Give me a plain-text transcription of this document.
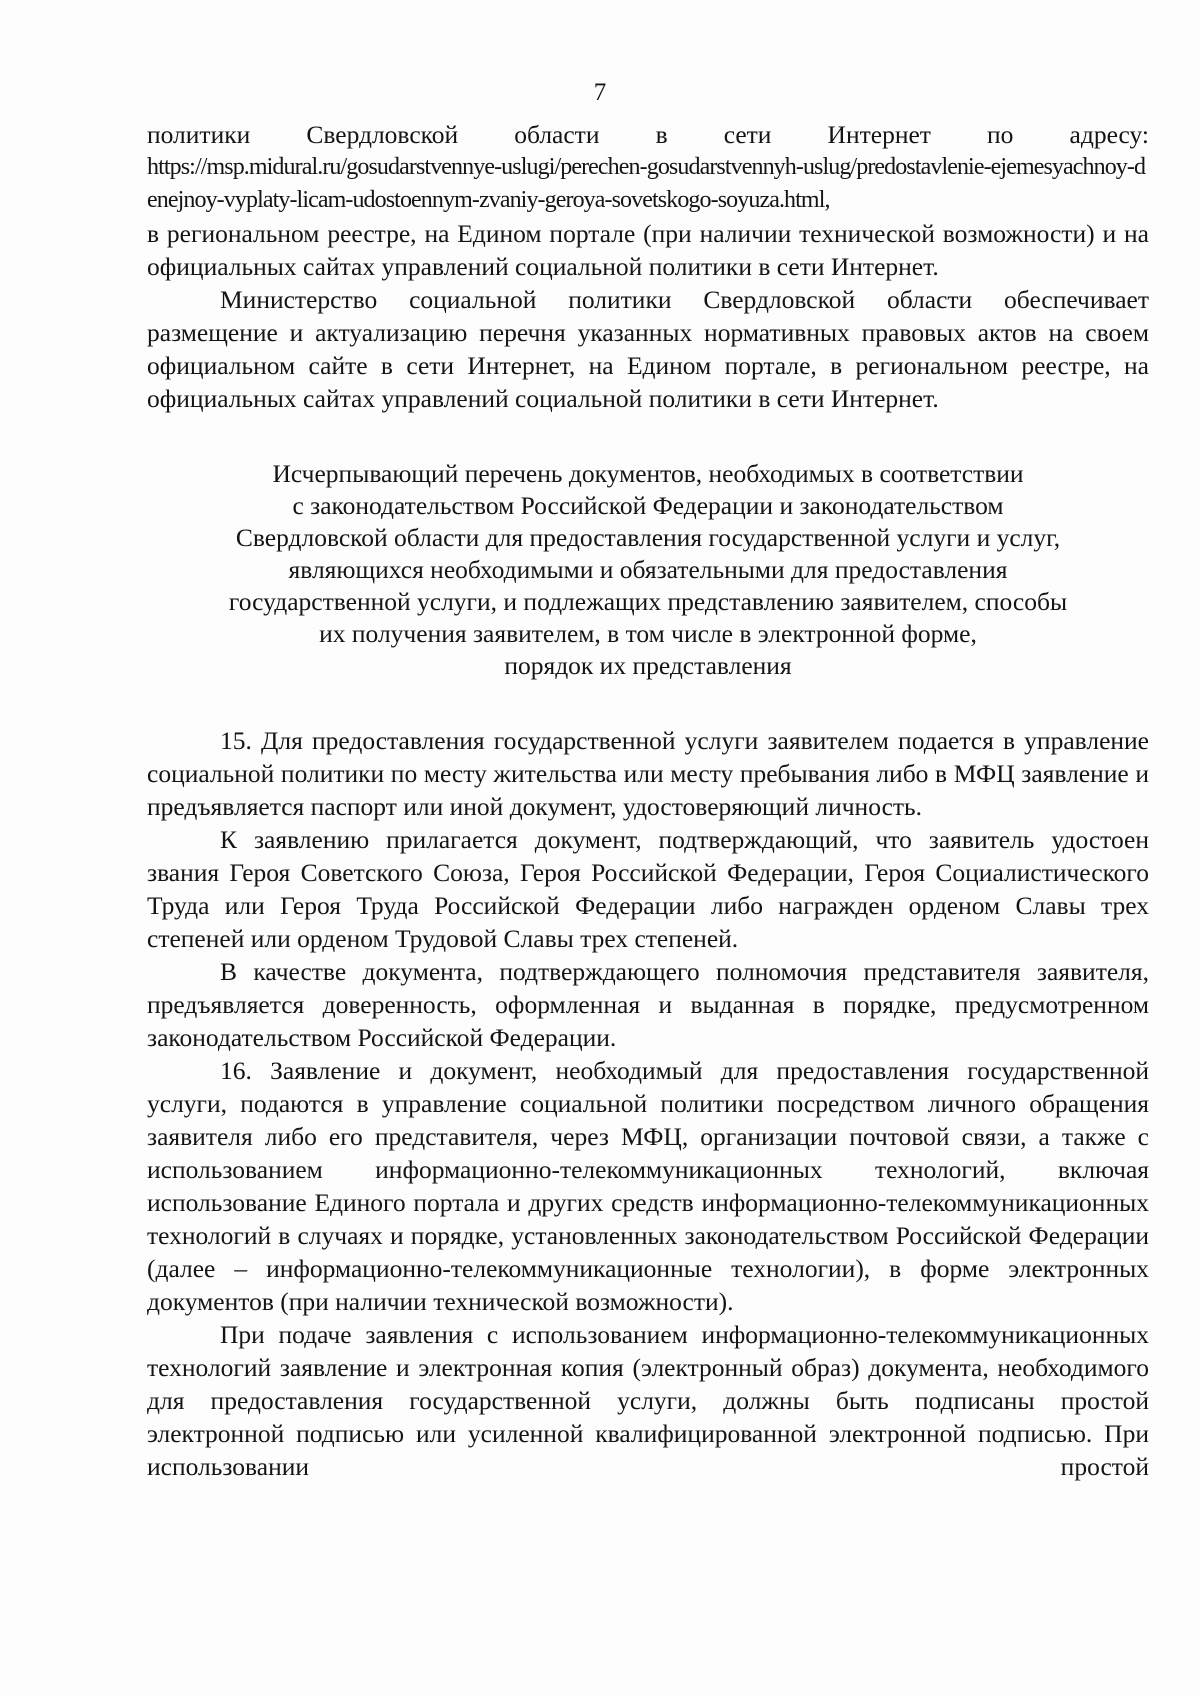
7

политики Свердловской области в сети Интернет по адресу:

https://msp.midural.ru/gosudarstvennye-uslugi/perechen-gosudarstvennyh-uslug/predostavlenie-ejemesyachnoy-denejnoy-vyplaty-licam-udostoennym-zvaniy-geroya-sovetskogo-soyuza.html,

в региональном реестре, на Едином портале (при наличии технической возможности) и на официальных сайтах управлений социальной политики в сети Интернет.

Министерство социальной политики Свердловской области обеспечивает размещение и актуализацию перечня указанных нормативных правовых актов на своем официальном сайте в сети Интернет, на Едином портале, в региональном реестре, на официальных сайтах управлений социальной политики в сети Интернет.

Исчерпывающий перечень документов, необходимых в соответствии
с законодательством Российской Федерации и законодательством
Свердловской области для предоставления государственной услуги и услуг,
являющихся необходимыми и обязательными для предоставления
государственной услуги, и подлежащих представлению заявителем, способы
их получения заявителем, в том числе в электронной форме,
порядок их представления

15. Для предоставления государственной услуги заявителем подается в управление социальной политики по месту жительства или месту пребывания либо в МФЦ заявление и предъявляется паспорт или иной документ, удостоверяющий личность.

К заявлению прилагается документ, подтверждающий, что заявитель удостоен звания Героя Советского Союза, Героя Российской Федерации, Героя Социалистического Труда или Героя Труда Российской Федерации либо награжден орденом Славы трех степеней или орденом Трудовой Славы трех степеней.

В качестве документа, подтверждающего полномочия представителя заявителя, предъявляется доверенность, оформленная и выданная в порядке, предусмотренном законодательством Российской Федерации.

16. Заявление и документ, необходимый для предоставления государственной услуги, подаются в управление социальной политики посредством личного обращения заявителя либо его представителя, через МФЦ, организации почтовой связи, а также с использованием информационно-телекоммуникационных технологий, включая использование Единого портала и других средств информационно-телекоммуникационных технологий в случаях и порядке, установленных законодательством Российской Федерации (далее – информационно-телекоммуникационные технологии), в форме электронных документов (при наличии технической возможности).

При подаче заявления с использованием информационно-телекоммуникационных технологий заявление и электронная копия (электронный образ) документа, необходимого для предоставления государственной услуги, должны быть подписаны простой электронной подписью или усиленной квалифицированной электронной подписью. При использовании простой
